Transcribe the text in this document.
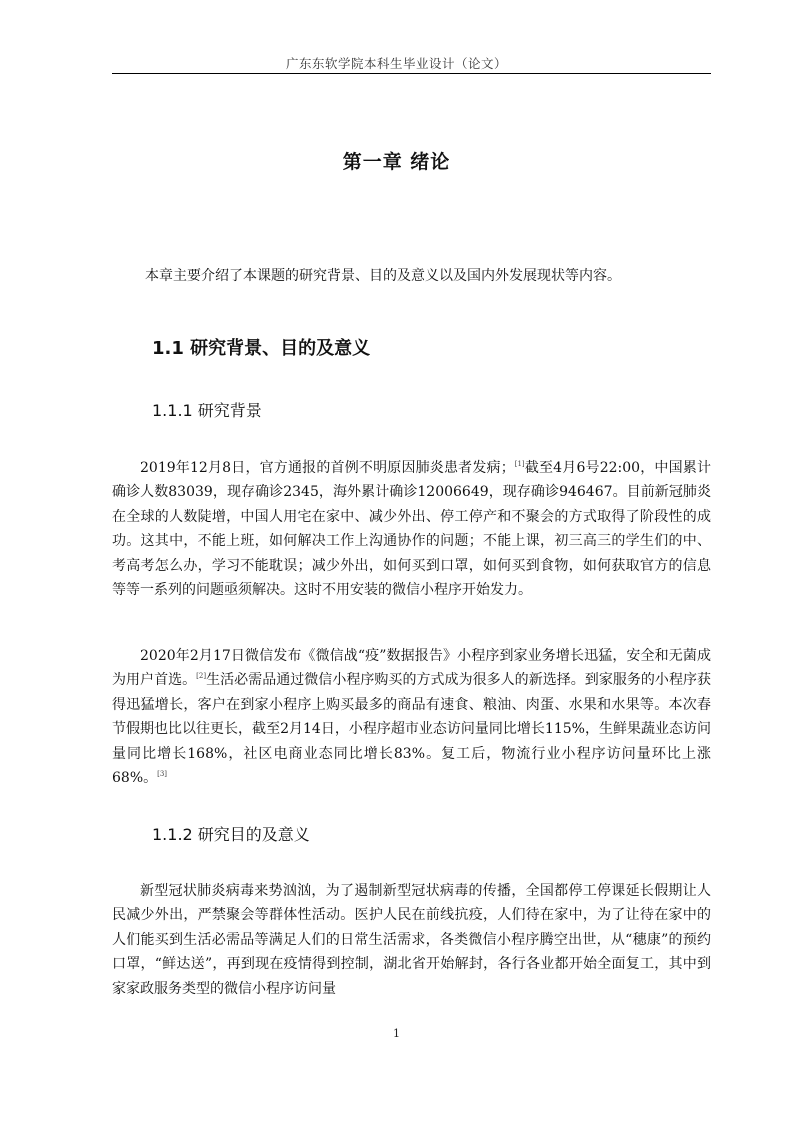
广东东软学院本科生毕业设计（论文）
第一章 绪论
本章主要介绍了本课题的研究背景、目的及意义以及国内外发展现状等内容。
1.1 研究背景、目的及意义
1.1.1 研究背景

2019年12月8日，官方通报的首例不明原因肺炎患者发病；[1]截至4月6号22:00，中国累计确诊人数83039，现存确诊2345，海外累计确诊12006649，现存确诊946467。目前新冠肺炎在全球的人数陡增，中国人用宅在家中、减少外出、停工停产和不聚会的方式取得了阶段性的成功。这其中，不能上班，如何解决工作上沟通协作的问题；不能上课，初三高三的学生们的中、考高考怎么办，学习不能耽误；减少外出，如何买到口罩，如何买到食物，如何获取官方的信息等等一系列的问题亟须解决。这时不用安装的微信小程序开始发力。

2020年2月17日微信发布《微信战“疫”数据报告》小程序到家业务增长迅猛，安全和无菌成为用户首选。[2]生活必需品通过微信小程序购买的方式成为很多人的新选择。到家服务的小程序获得迅猛增长，客户在到家小程序上购买最多的商品有速食、粮油、肉蛋、水果和水果等。本次春节假期也比以往更长，截至2月14日，小程序超市业态访问量同比增长115%，生鲜果蔬业态访问量同比增长168%，社区电商业态同比增长83%。复工后，物流行业小程序访问量环比上涨68%。[3]

1.1.2 研究目的及意义

新型冠状肺炎病毒来势汹汹，为了遏制新型冠状病毒的传播，全国都停工停课延长假期让人民减少外出，严禁聚会等群体性活动。医护人民在前线抗疫，人们待在家中，为了让待在家中的人们能买到生活必需品等满足人们的日常生活需求，各类微信小程序腾空出世，从“穗康”的预约口罩，“鲜达送”，再到现在疫情得到控制，湖北省开始解封，各行各业都开始全面复工，其中到家家政服务类型的微信小程序访问量

1
